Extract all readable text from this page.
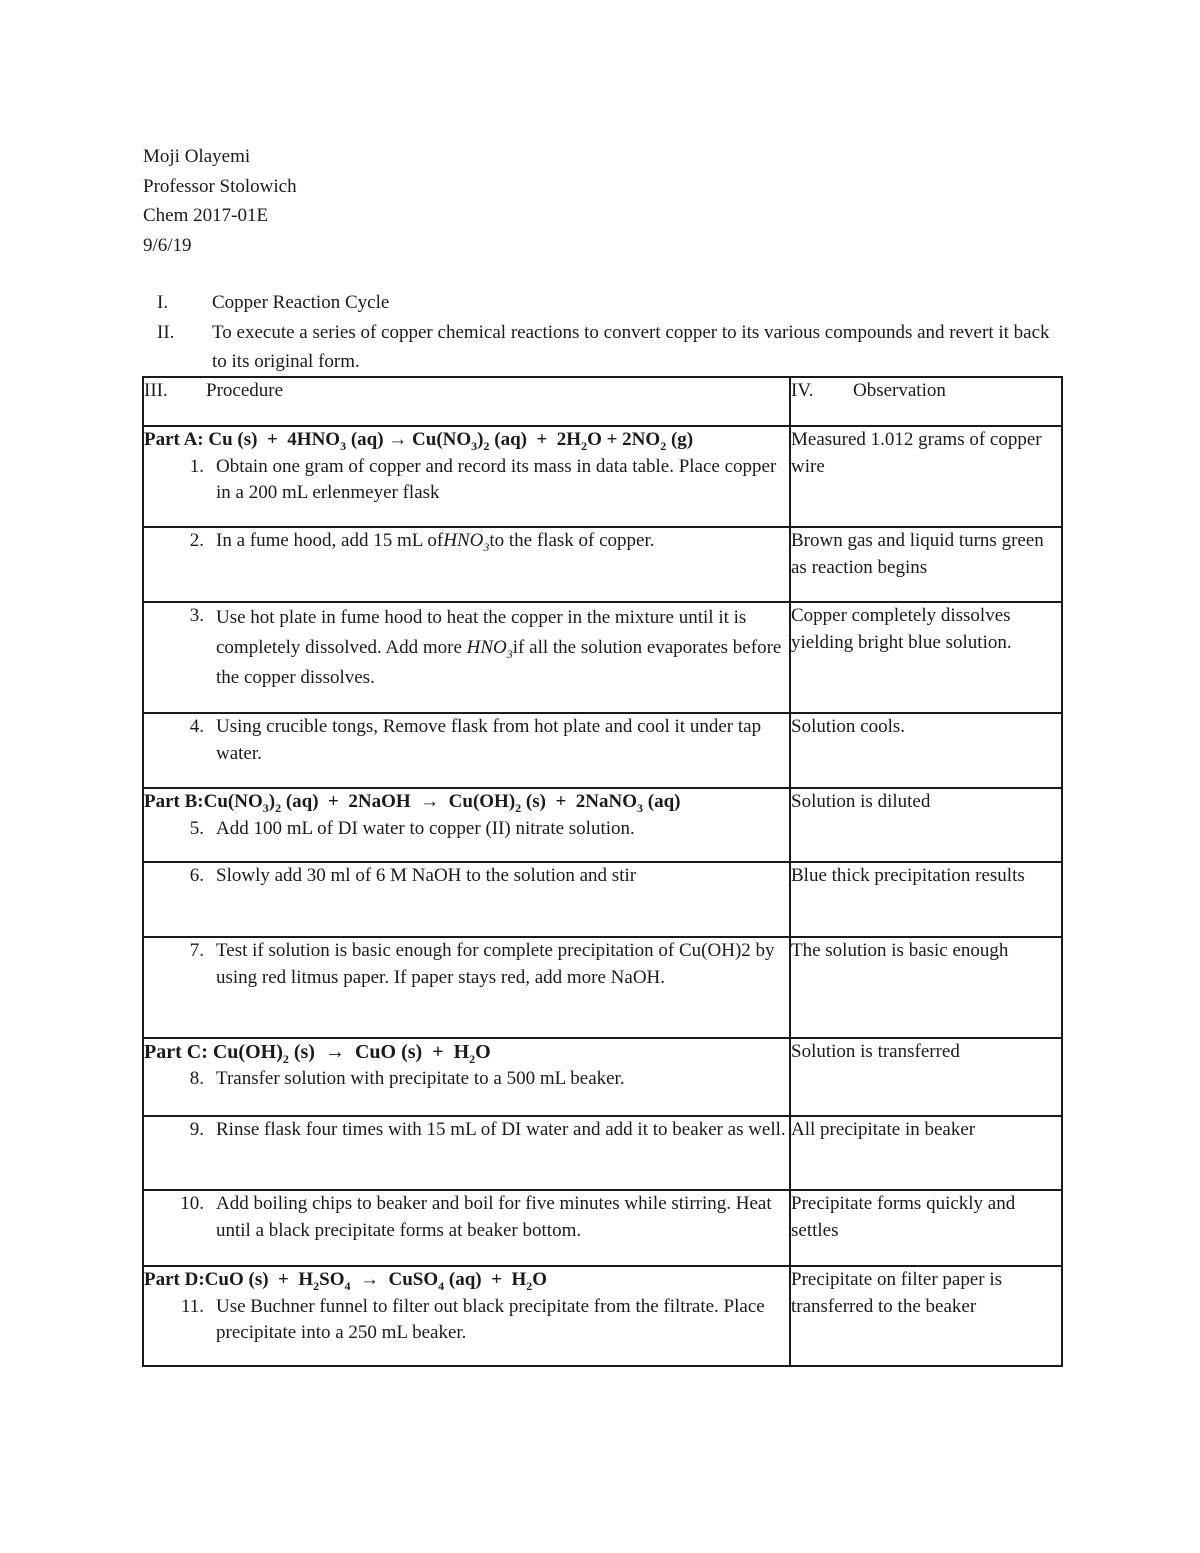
Moji Olayemi
Professor Stolowich
Chem 2017-01E
9/6/19
I.	Copper Reaction Cycle
II.	To execute a series of copper chemical reactions to convert copper to its various compounds and revert it back to its original form.
III. Procedure	IV. Observation

Part A: Cu $(s) + 4HNO_3$ $(aq) \to Cu(NO_3)_2$ $(aq) + 2H_2O + 2NO_2$ (g)
1. Obtain one gram of copper and record its mass in data table. Place copper in a 200 mL erlenmeyer flask	Measured 1.012 grams of copper wire

2. In a fume hood, add 15 mL ofHNO$_3$to the flask of copper.	Brown gas and liquid turns green as reaction begins

3. Use hot plate in fume hood to heat the copper in the mixture until it is completely dissolved. Add more $HNO_3if$ all the solution evaporates before the copper dissolves.	Copper completely dissolves yielding bright blue solution.

4. Using crucible tongs, Remove flask from hot plate and cool it under tap water.	Solution cools.

Part $B:Cu(NO_3)_2$ (aq)  +  2NaOH  →  $Cu(OH)_2$ (s)  +  2NaNO$_3$ (aq)
5. Add 100 mL of DI water to copper (II) nitrate solution.	Solution is diluted

6. Slowly add 30 ml of 6 M NaOH to the solution and stir	Blue thick precipitation results

7. Test if solution is basic enough for complete precipitation of Cu(OH)2 by using red litmus paper. If paper stays red, add more NaOH.	The solution is basic enough

Part C: $Cu(OH)_2$ (s)  →  CuO $(s) + H_2O$
8. Transfer solution with precipitate to a 500 mL beaker.	Solution is transferred

9. Rinse flask four times with 15 mL of DI water and add it to beaker as well.	All precipitate in beaker

10. Add boiling chips to beaker and boil for five minutes while stirring. Heat until a black precipitate forms at beaker bottom.	Precipitate forms quickly and settles

Part D:CuO $(s) + H_2SO_4$  →  CuSO$_4$ $(aq) + H_2O$
11. Use Buchner funnel to filter out black precipitate from the filtrate. Place precipitate into a 250 mL beaker.	Precipitate on filter paper is transferred to the beaker
